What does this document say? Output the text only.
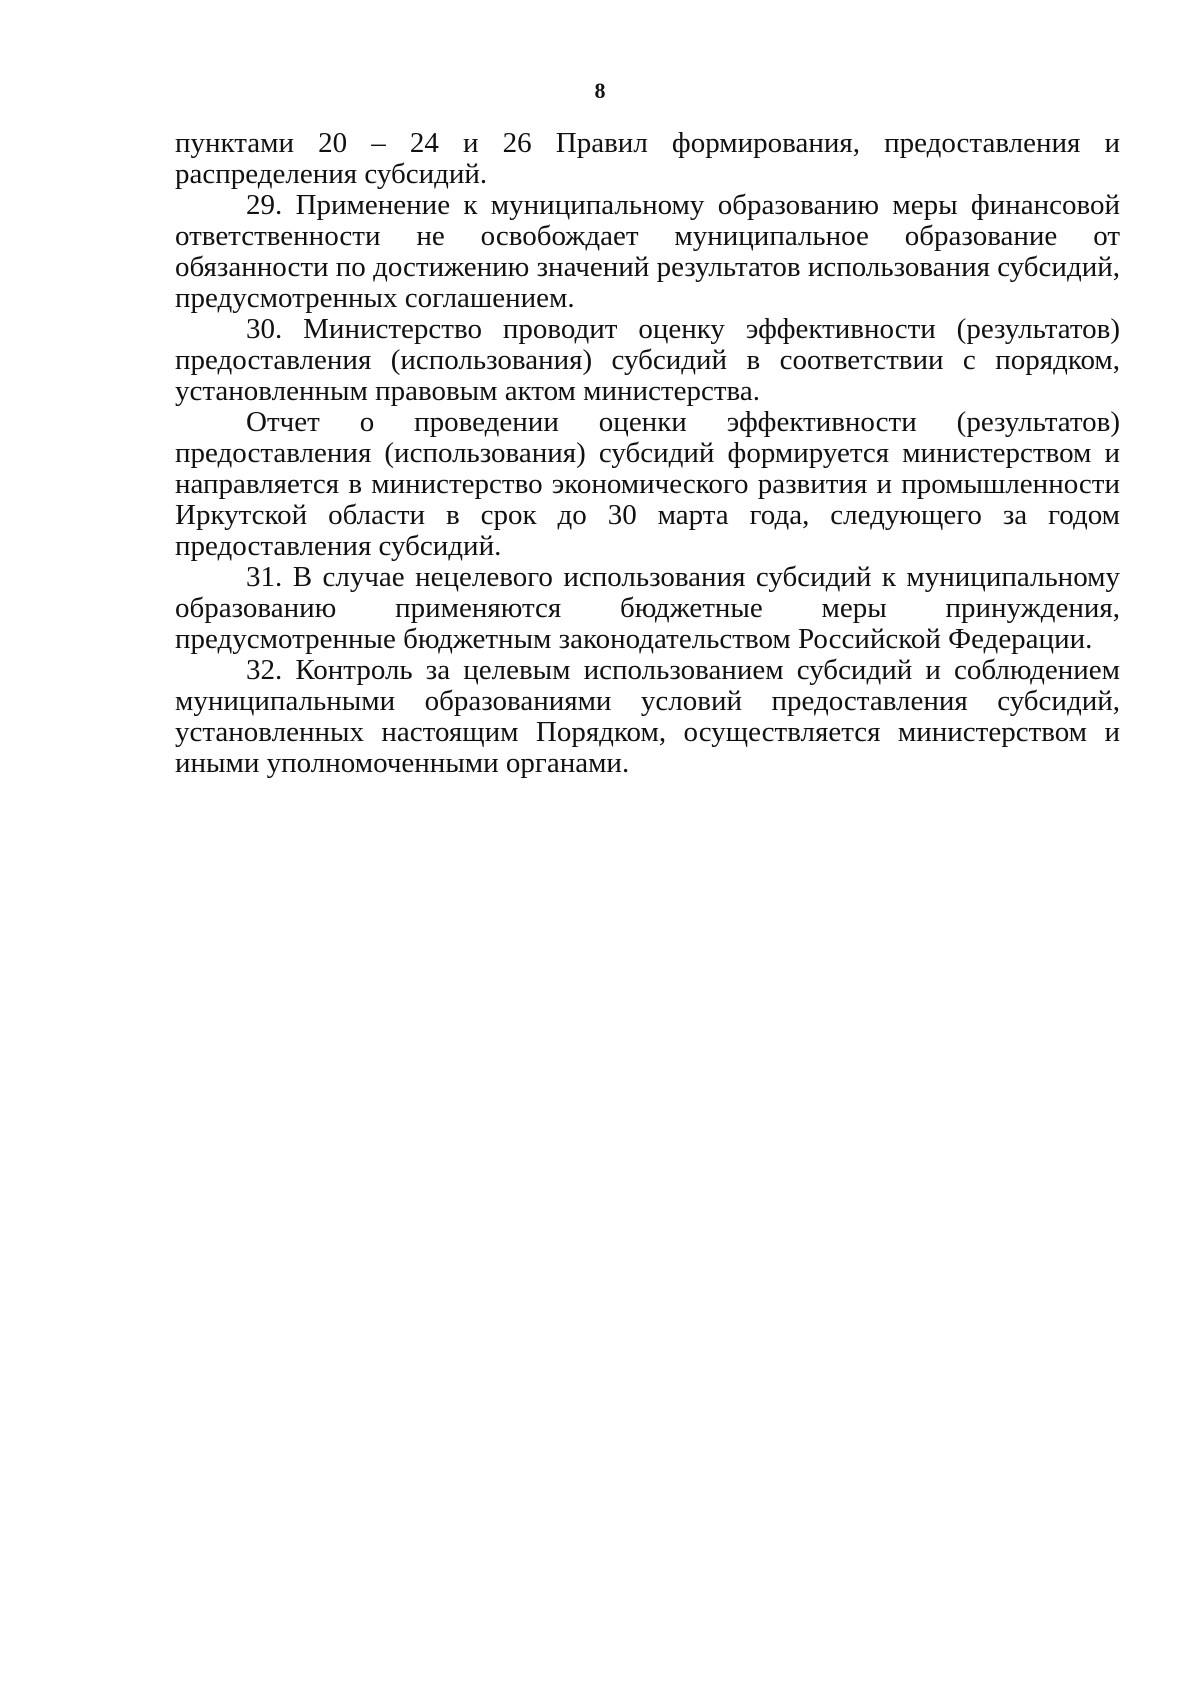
8

пунктами 20 – 24 и 26 Правил формирования, предоставления и распределения субсидий.

29. Применение к муниципальному образованию меры финансовой ответственности не освобождает муниципальное образование от обязанности по достижению значений результатов использования субсидий, предусмотренных соглашением.

30. Министерство проводит оценку эффективности (результатов) предоставления (использования) субсидий в соответствии с порядком, установленным правовым актом министерства.

Отчет о проведении оценки эффективности (результатов) предоставления (использования) субсидий формируется министерством и направляется в министерство экономического развития и промышленности Иркутской области в срок до 30 марта года, следующего за годом предоставления субсидий.

31. В случае нецелевого использования субсидий к муниципальному образованию применяются бюджетные меры принуждения, предусмотренные бюджетным законодательством Российской Федерации.

32. Контроль за целевым использованием субсидий и соблюдением муниципальными образованиями условий предоставления субсидий, установленных настоящим Порядком, осуществляется министерством и иными уполномоченными органами.
